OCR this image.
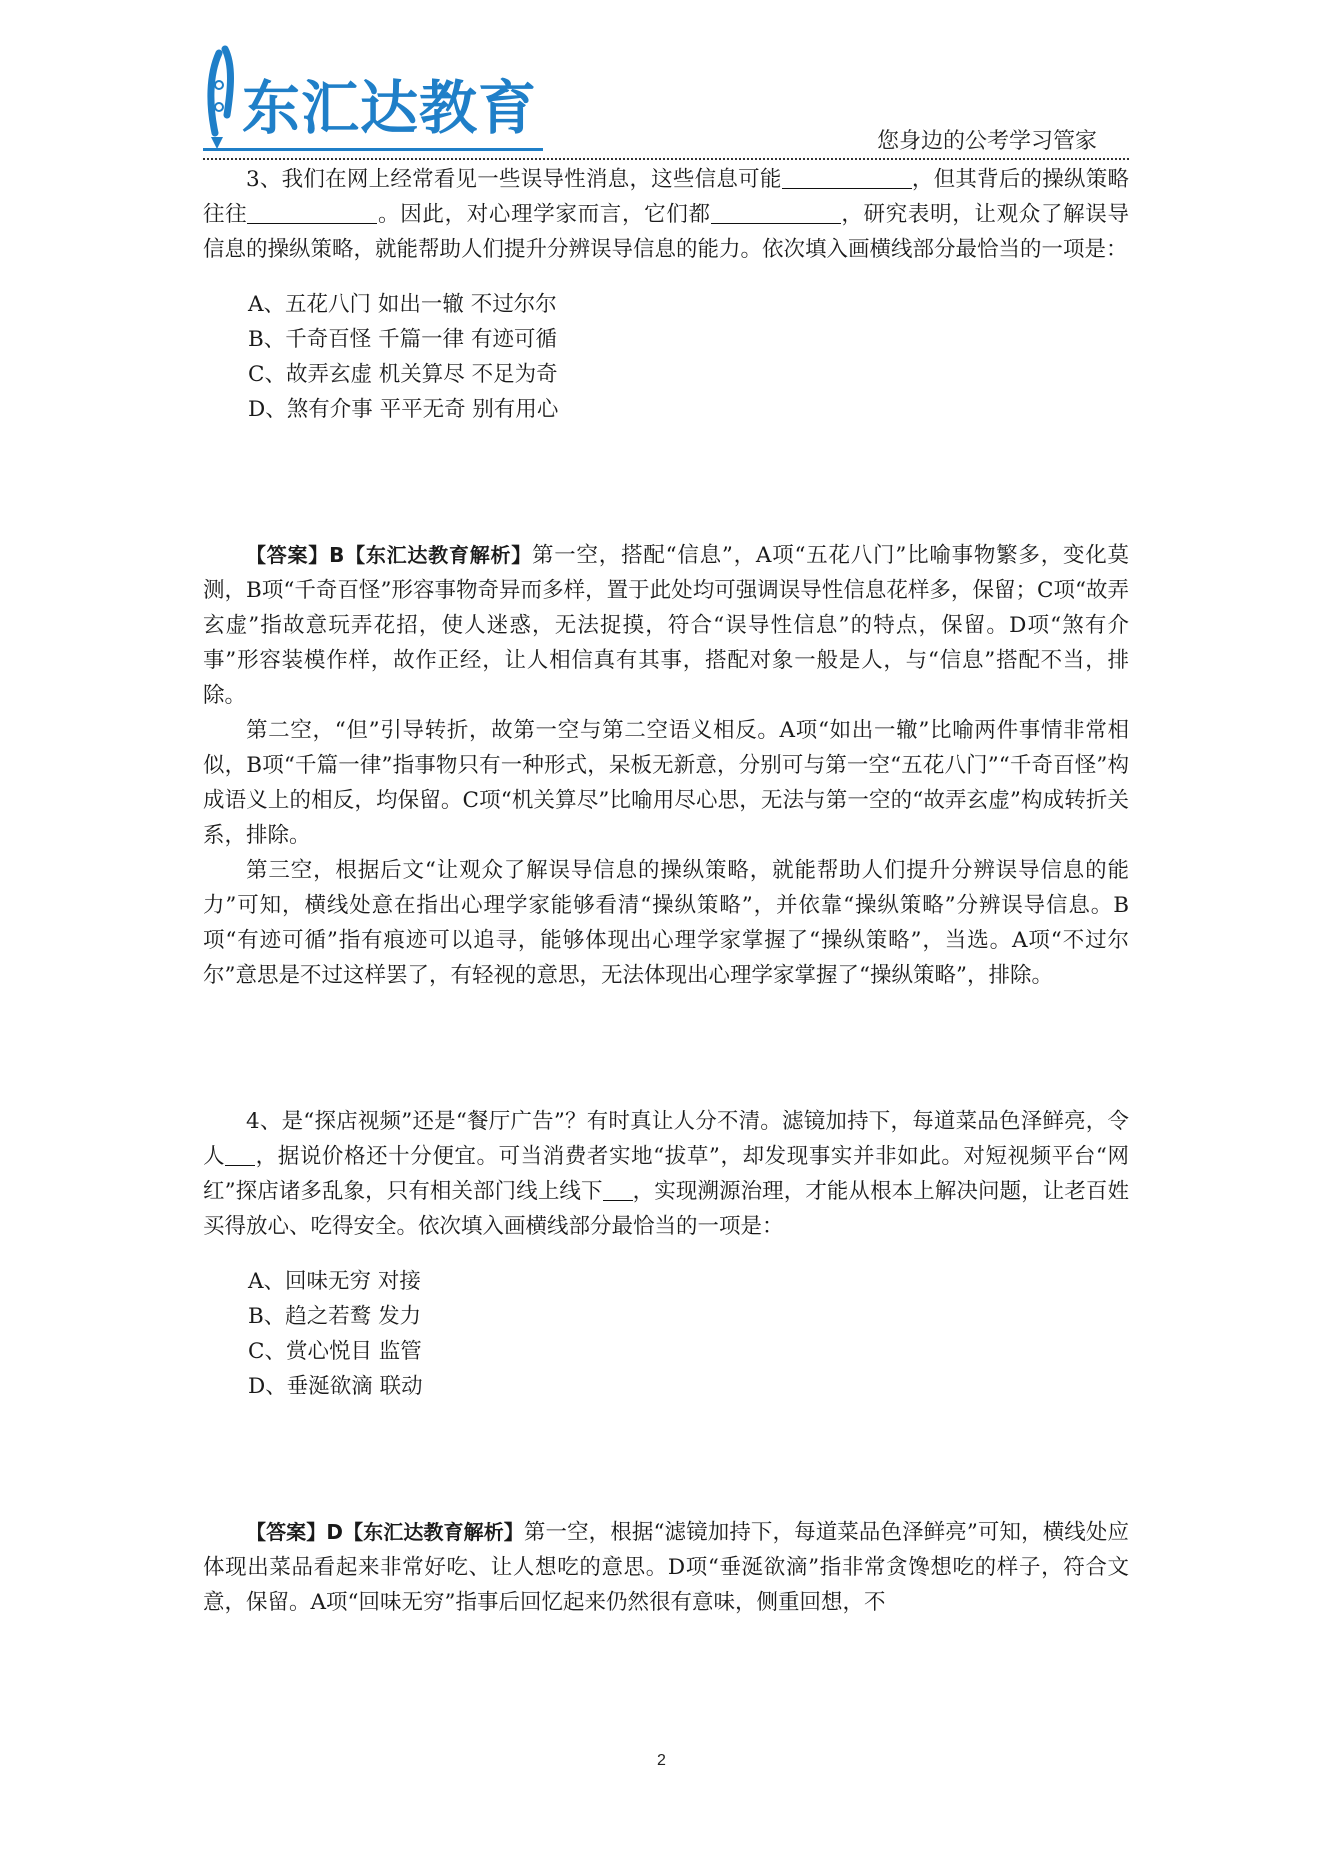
东汇达教育	您身边的公考学习管家

3、我们在网上经常看见一些误导性消息，这些信息可能	，但其背后的操纵策略往往	。因此，对心理学家而言，它们都	，研究表明，让观众了解误导信息的操纵策略，就能帮助人们提升分辨误导信息的能力。依次填入画横线部分最恰当的一项是：

A、五花八门 如出一辙 不过尔尔

B、千奇百怪 千篇一律 有迹可循

C、故弄玄虚 机关算尽 不足为奇

D、煞有介事 平平无奇 别有用心

【答案】B【东汇达教育解析】第一空，搭配“信息”，A项“五花八门”比喻事物繁多，变化莫测，B项“千奇百怪”形容事物奇异而多样，置于此处均可强调误导性信息花样多，保留；C项“故弄玄虚”指故意玩弄花招，使人迷惑，无法捉摸，符合“误导性信息”的特点，保留。D项“煞有介事”形容装模作样，故作正经，让人相信真有其事，搭配对象一般是人，与“信息”搭配不当，排除。

第二空，“但”引导转折，故第一空与第二空语义相反。A项“如出一辙”比喻两件事情非常相似，B项“千篇一律”指事物只有一种形式，呆板无新意，分别可与第一空“五花八门”“千奇百怪”构成语义上的相反，均保留。C项“机关算尽”比喻用尽心思，无法与第一空的“故弄玄虚”构成转折关系，排除。

第三空，根据后文“让观众了解误导信息的操纵策略，就能帮助人们提升分辨误导信息的能力”可知，横线处意在指出心理学家能够看清“操纵策略”，并依靠“操纵策略”分辨误导信息。B项“有迹可循”指有痕迹可以追寻，能够体现出心理学家掌握了“操纵策略”，当选。A项“不过尔尔”意思是不过这样罢了，有轻视的意思，无法体现出心理学家掌握了“操纵策略”，排除。

4、是“探店视频”还是“餐厅广告”？有时真让人分不清。滤镜加持下，每道菜品色泽鲜亮，令人 ，据说价格还十分便宜。可当消费者实地“拔草”，却发现事实并非如此。对短视频平台“网红”探店诸多乱象，只有相关部门线上线下 ，实现溯源治理，才能从根本上解决问题，让老百姓买得放心、吃得安全。依次填入画横线部分最恰当的一项是：

A、回味无穷 对接

B、趋之若鹜 发力

C、赏心悦目 监管

D、垂涎欲滴 联动

【答案】D【东汇达教育解析】第一空，根据“滤镜加持下，每道菜品色泽鲜亮”可知，横线处应体现出菜品看起来非常好吃、让人想吃的意思。D项“垂涎欲滴”指非常贪馋想吃的样子，符合文意，保留。A项“回味无穷”指事后回忆起来仍然很有意味，侧重回想，不

2
